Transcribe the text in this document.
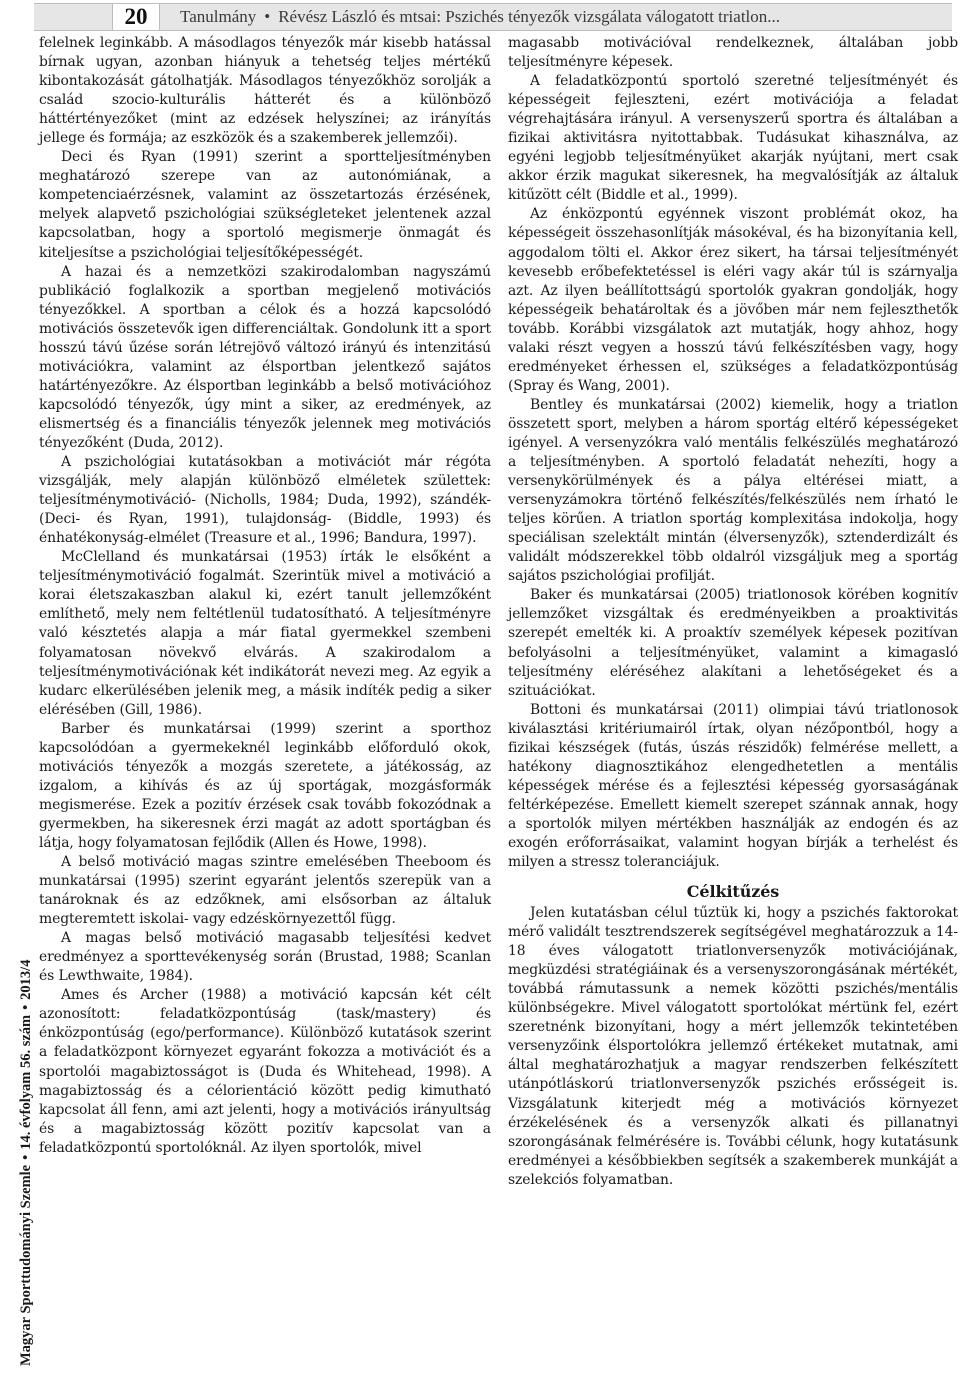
20	Tanulmány • Révész László és mtsai: Pszichés tényezők vizsgálata válogatott triatlon...
Magyar Sporttudományi Szemle•14. évfolyam 56. szám•2013/4

felelnek leginkább. A másodlagos tényezők már kisebb hatással bírnak ugyan, azonban hiányuk a tehetség teljes mértékű kibontakozását gátolhatják. Másodlagos tényezőkhöz sorolják a család szocio-kulturális hátterét és a különböző háttértényezőket (mint az edzések helyszínei; az irányítás jellege és formája; az eszközök és a szakemberek jellemzői).

Deci és Ryan (1991) szerint a sportteljesítményben meghatározó szerepe van az autonómiának, a kompetenciaérzésnek, valamint az összetartozás érzésének, melyek alapvető pszichológiai szükségleteket jelentenek azzal kapcsolatban, hogy a sportoló megismerje önmagát és kiteljesítse a pszichológiai teljesítőképességét.

A hazai és a nemzetközi szakirodalomban nagyszámú publikáció foglalkozik a sportban megjelenő motivációs tényezőkkel. A sportban a célok és a hozzá kapcsolódó motivációs összetevők igen differenciáltak. Gondolunk itt a sport hosszú távú űzése során létrejövő változó irányú és intenzitású motivációkra, valamint az élsportban jelentkező sajátos határtényezőkre. Az élsportban leginkább a belső motivációhoz kapcsolódó tényezők, úgy mint a siker, az eredmények, az elismertség és a financiális tényezők jelennek meg motivációs tényezőként (Duda, 2012).

A pszichológiai kutatásokban a motivációt már régóta vizsgálják, mely alapján különböző elméletek születtek: teljesítménymotiváció- (Nicholls, 1984; Duda, 1992), szándék- (Deci- és Ryan, 1991), tulajdonság- (Biddle, 1993) és énhatékonyság-elmélet (Treasure et al., 1996; Bandura, 1997).

McClelland és munkatársai (1953) írták le elsőként a teljesítménymotiváció fogalmát. Szerintük mivel a motiváció a korai életszakaszban alakul ki, ezért tanult jellemzőként említhető, mely nem feltétlenül tudatosítható. A teljesítményre való késztetés alapja a már fiatal gyermekkel szembeni folyamatosan növekvő elvárás. A szakirodalom a teljesítménymotivációnak két indikátorát nevezi meg. Az egyik a kudarc elkerülésében jelenik meg, a másik indíték pedig a siker elérésében (Gill, 1986).

Barber és munkatársai (1999) szerint a sporthoz kapcsolódóan a gyermekeknél leginkább előforduló okok, motivációs tényezők a mozgás szeretete, a játékosság, az izgalom, a kihívás és az új sportágak, mozgásformák megismerése. Ezek a pozitív érzések csak tovább fokozódnak a gyermekben, ha sikeresnek érzi magát az adott sportágban és látja, hogy folyamatosan fejlődik (Allen és Howe, 1998).

A belső motiváció magas szintre emelésében Theeboom és munkatársai (1995) szerint egyaránt jelentős szerepük van a tanároknak és az edzőknek, ami elsősorban az általuk megteremtett iskolai- vagy edzéskörnyezettől függ.

A magas belső motiváció magasabb teljesítési kedvet eredményez a sporttevékenység során (Brustad, 1988; Scanlan és Lewthwaite, 1984).

Ames és Archer (1988) a motiváció kapcsán két célt azonosított: feladatközpontúság (task/mastery) és énközpontúság (ego/performance). Különböző kutatások szerint a feladatközpont környezet egyaránt fokozza a motivációt és a sportolói magabiztosságot is (Duda és Whitehead, 1998). A magabiztosság és a célorientáció között pedig kimutható kapcsolat áll fenn, ami azt jelenti, hogy a motivációs irányultság és a magabiztosság között pozitív kapcsolat van a feladatközpontú sportolóknál. Az ilyen sportolók, mivel

magasabb motivációval rendelkeznek, általában jobb teljesítményre képesek.

A feladatközpontú sportoló szeretné teljesítményét és képességeit fejleszteni, ezért motivációja a feladat végrehajtására irányul. A versenyszerű sportra és általában a fizikai aktivitásra nyitottabbak. Tudásukat kihasználva, az egyéni legjobb teljesítményüket akarják nyújtani, mert csak akkor érzik magukat sikeresnek, ha megvalósítják az általuk kitűzött célt (Biddle et al., 1999).

Az énközpontú egyénnek viszont problémát okoz, ha képességeit összehasonlítják másokéval, és ha bizonyítania kell, aggodalom tölti el. Akkor érez sikert, ha társai teljesítményét kevesebb erőbefektetéssel is eléri vagy akár túl is szárnyalja azt. Az ilyen beállítottságú sportolók gyakran gondolják, hogy képességeik behatároltak és a jövőben már nem fejleszthetők tovább. Korábbi vizsgálatok azt mutatják, hogy ahhoz, hogy valaki részt vegyen a hosszú távú felkészítésben vagy, hogy eredményeket érhessen el, szükséges a feladatközpontúság (Spray és Wang, 2001).

Bentley és munkatársai (2002) kiemelik, hogy a triatlon összetett sport, melyben a három sportág eltérő képességeket igényel. A versenyzókra való mentális felkészülés meghatározó a teljesítményben. A sportoló feladatát nehezíti, hogy a versenykörülmények és a pálya eltérései miatt, a versenyzámokra történő felkészítés/felkészülés nem írható le teljes körűen. A triatlon sportág komplexitása indokolja, hogy speciálisan szelektált mintán (élversenyzők), sztenderdizált és validált módszerekkel több oldalról vizsgáljuk meg a sportág sajátos pszichológiai profilját.

Baker és munkatársai (2005) triatlonosok körében kognitív jellemzőket vizsgáltak és eredményeikben a proaktivitás szerepét emelték ki. A proaktív személyek képesek pozitívan befolyásolni a teljesítményüket, valamint a kimagasló teljesítmény eléréséhez alakítani a lehetőségeket és a szituációkat.

Bottoni és munkatársai (2011) olimpiai távú triatlonosok kiválasztási kritériumairól írtak, olyan nézőpontból, hogy a fizikai készségek (futás, úszás részidők) felmérése mellett, a hatékony diagnosztikához elengedhetetlen a mentális képességek mérése és a fejlesztési képesség gyorsaságának feltérképezése. Emellett kiemelt szerepet szánnak annak, hogy a sportolók milyen mértékben használják az endogén és az exogén erőforrásaikat, valamint hogyan bírják a terhelést és milyen a stressz toleranciájuk.

Célkitűzés

Jelen kutatásban célul tűztük ki, hogy a pszichés faktorokat mérő validált tesztrendszerek segítségével meghatározzuk a 14-18 éves válogatott triatlonversenyzők motivációjának, megküzdési stratégiáinak és a versenyszorongásának mértékét, továbbá rámutassunk a nemek közötti pszichés/mentális különbségekre. Mivel válogatott sportolókat mértünk fel, ezért szeretnénk bizonyítani, hogy a mért jellemzők tekintetében versenyzőink élsportolókra jellemző értékeket mutatnak, ami által meghatározhatjuk a magyar rendszerben felkészített utánpótláskorú triatlonversenyzők pszichés erősségeit is. Vizsgálatunk kiterjedt még a motivációs környezet érzékelésének és a versenyzők alkati és pillanatnyi szorongásának felmérésére is. További célunk, hogy kutatásunk eredményei a későbbiekben segítsék a szakemberek munkáját a szelekciós folyamatban.
